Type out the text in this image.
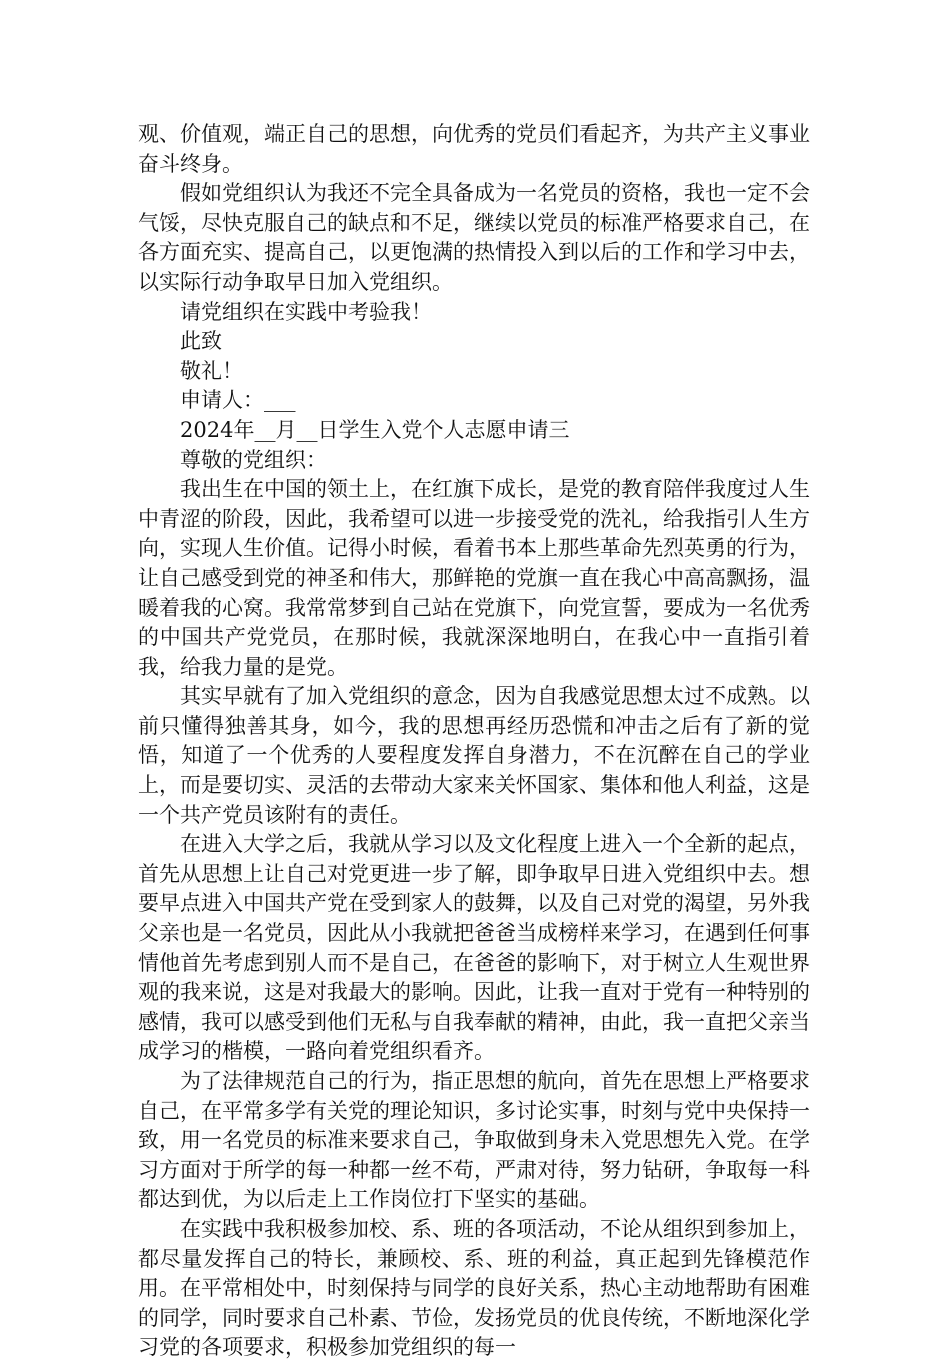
观、价值观，端正自己的思想，向优秀的党员们看起齐，为共产主义事业奋斗终身。

假如党组织认为我还不完全具备成为一名党员的资格，我也一定不会气馁，尽快克服自己的缺点和不足，继续以党员的标准严格要求自己，在各方面充实、提高自己，以更饱满的热情投入到以后的工作和学习中去，以实际行动争取早日加入党组织。

请党组织在实践中考验我！

此致

敬礼！

申请人：___

2024年__月__日学生入党个人志愿申请三

尊敬的党组织：

我出生在中国的领土上，在红旗下成长，是党的教育陪伴我度过人生中青涩的阶段，因此，我希望可以进一步接受党的洗礼，给我指引人生方向，实现人生价值。记得小时候，看着书本上那些革命先烈英勇的行为，让自己感受到党的神圣和伟大，那鲜艳的党旗一直在我心中高高飘扬，温暖着我的心窝。我常常梦到自己站在党旗下，向党宣誓，要成为一名优秀的中国共产党党员，在那时候，我就深深地明白，在我心中一直指引着我，给我力量的是党。

其实早就有了加入党组织的意念，因为自我感觉思想太过不成熟。以前只懂得独善其身，如今，我的思想再经历恐慌和冲击之后有了新的觉悟，知道了一个优秀的人要程度发挥自身潜力，不在沉醉在自己的学业上，而是要切实、灵活的去带动大家来关怀国家、集体和他人利益，这是一个共产党员该附有的责任。

在进入大学之后，我就从学习以及文化程度上进入一个全新的起点，首先从思想上让自己对党更进一步了解，即争取早日进入党组织中去。想要早点进入中国共产党在受到家人的鼓舞，以及自己对党的渴望，另外我父亲也是一名党员，因此从小我就把爸爸当成榜样来学习，在遇到任何事情他首先考虑到别人而不是自己，在爸爸的影响下，对于树立人生观世界观的我来说，这是对我最大的影响。因此，让我一直对于党有一种特别的感情，我可以感受到他们无私与自我奉献的精神，由此，我一直把父亲当成学习的楷模，一路向着党组织看齐。

为了法律规范自己的行为，指正思想的航向，首先在思想上严格要求自己，在平常多学有关党的理论知识，多讨论实事，时刻与党中央保持一致，用一名党员的标准来要求自己，争取做到身未入党思想先入党。在学习方面对于所学的每一种都一丝不苟，严肃对待，努力钻研，争取每一科都达到优，为以后走上工作岗位打下坚实的基础。

在实践中我积极参加校、系、班的各项活动，不论从组织到参加上，都尽量发挥自己的特长，兼顾校、系、班的利益，真正起到先锋模范作用。在平常相处中，时刻保持与同学的良好关系，热心主动地帮助有困难的同学，同时要求自己朴素、节俭，发扬党员的优良传统，不断地深化学习党的各项要求，积极参加党组织的每一
